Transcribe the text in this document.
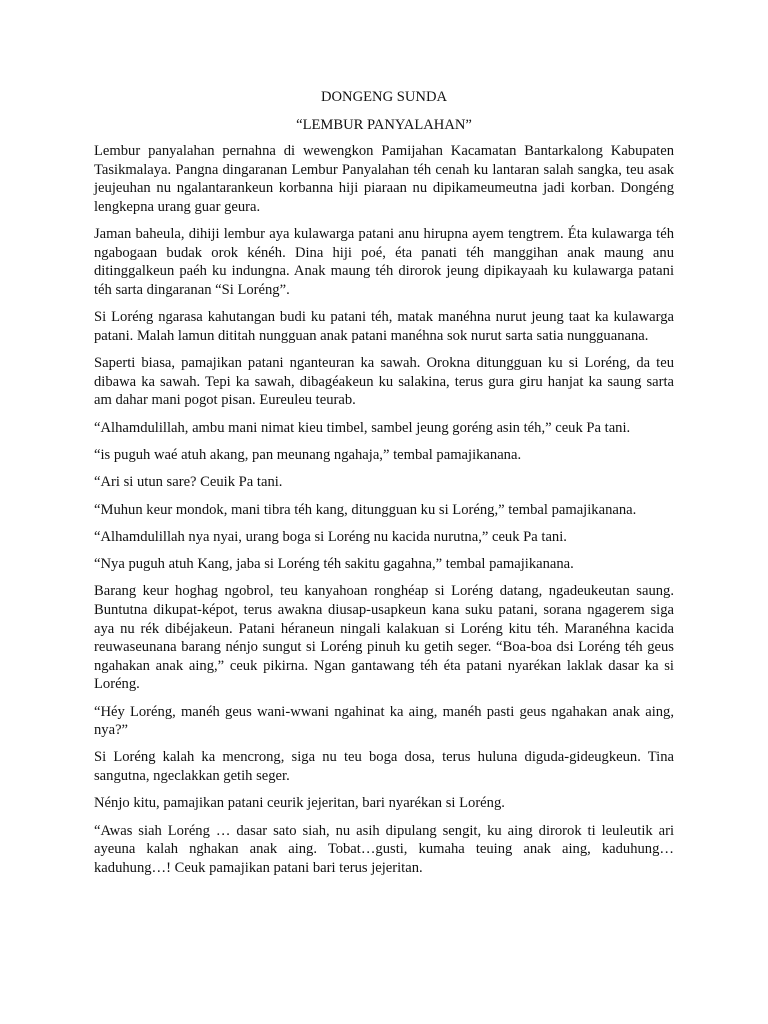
DONGENG SUNDA
“LEMBUR PANYALAHAN”

Lembur panyalahan pernahna di wewengkon Pamijahan Kacamatan Bantarkalong Kabupaten Tasikmalaya. Pangna dingaranan Lembur Panyalahan téh cenah ku lantaran salah sangka, teu asak jeujeuhan nu ngalantarankeun korbanna hiji piaraan nu dipikameumeutna jadi korban. Dongéng lengkepna urang guar geura.

Jaman baheula, dihiji lembur aya kulawarga patani anu hirupna ayem tengtrem. Éta kulawarga téh ngabogaan budak orok kénéh. Dina hiji poé, éta panati téh manggihan anak maung anu ditinggalkeun paéh ku indungna. Anak maung téh dirorok jeung dipikayaah ku kulawarga patani téh sarta dingaranan “Si Loréng”.

Si Loréng ngarasa kahutangan budi ku patani téh, matak manéhna nurut jeung taat ka kulawarga patani. Malah lamun dititah nungguan anak patani manéhna sok nurut sarta satia nungguanana.

Saperti biasa, pamajikan patani nganteuran ka sawah. Orokna ditungguan ku si Loréng, da teu dibawa ka sawah. Tepi ka sawah, dibagéakeun ku salakina, terus gura giru hanjat ka saung sarta am dahar mani pogot pisan. Eureuleu teurab.

“Alhamdulillah, ambu mani nimat kieu timbel, sambel jeung goréng asin téh,” ceuk Pa tani.

“is puguh waé atuh akang, pan meunang ngahaja,” tembal pamajikanana.

“Ari si utun sare? Ceuik Pa tani.

“Muhun keur mondok, mani tibra téh kang, ditungguan ku si Loréng,” tembal pamajikanana.

“Alhamdulillah nya nyai, urang boga si Loréng nu kacida nurutna,” ceuk Pa tani.

“Nya puguh atuh Kang, jaba si Loréng téh sakitu gagahna,” tembal pamajikanana.

Barang keur hoghag ngobrol, teu kanyahoan ronghéap si Loréng datang, ngadeukeutan saung. Buntutna dikupat-képot, terus awakna diusap-usapkeun kana suku patani, sorana ngagerem siga aya nu rék dibéjakeun. Patani héraneun ningali kalakuan si Loréng kitu téh. Maranéhna kacida reuwaseunana barang nénjo sungut si Loréng pinuh ku getih seger. “Boa-boa dsi Loréng téh geus ngahakan anak aing,” ceuk pikirna. Ngan gantawang téh éta patani nyarékan laklak dasar ka si Loréng.

“Héy Loréng, manéh geus wani-wwani ngahinat ka aing, manéh pasti geus ngahakan anak aing, nya?”

Si Loréng kalah ka mencrong, siga nu teu boga dosa, terus huluna diguda-gideugkeun. Tina sangutna, ngeclakkan getih seger.

Nénjo kitu, pamajikan patani ceurik jejeritan, bari nyarékan si Loréng.

“Awas siah Loréng … dasar sato siah, nu asih dipulang sengit, ku aing dirorok ti leuleutik ari ayeuna kalah nghakan anak aing. Tobat…gusti, kumaha teuing anak aing, kaduhung… kaduhung…! Ceuk pamajikan patani bari terus jejeritan.
